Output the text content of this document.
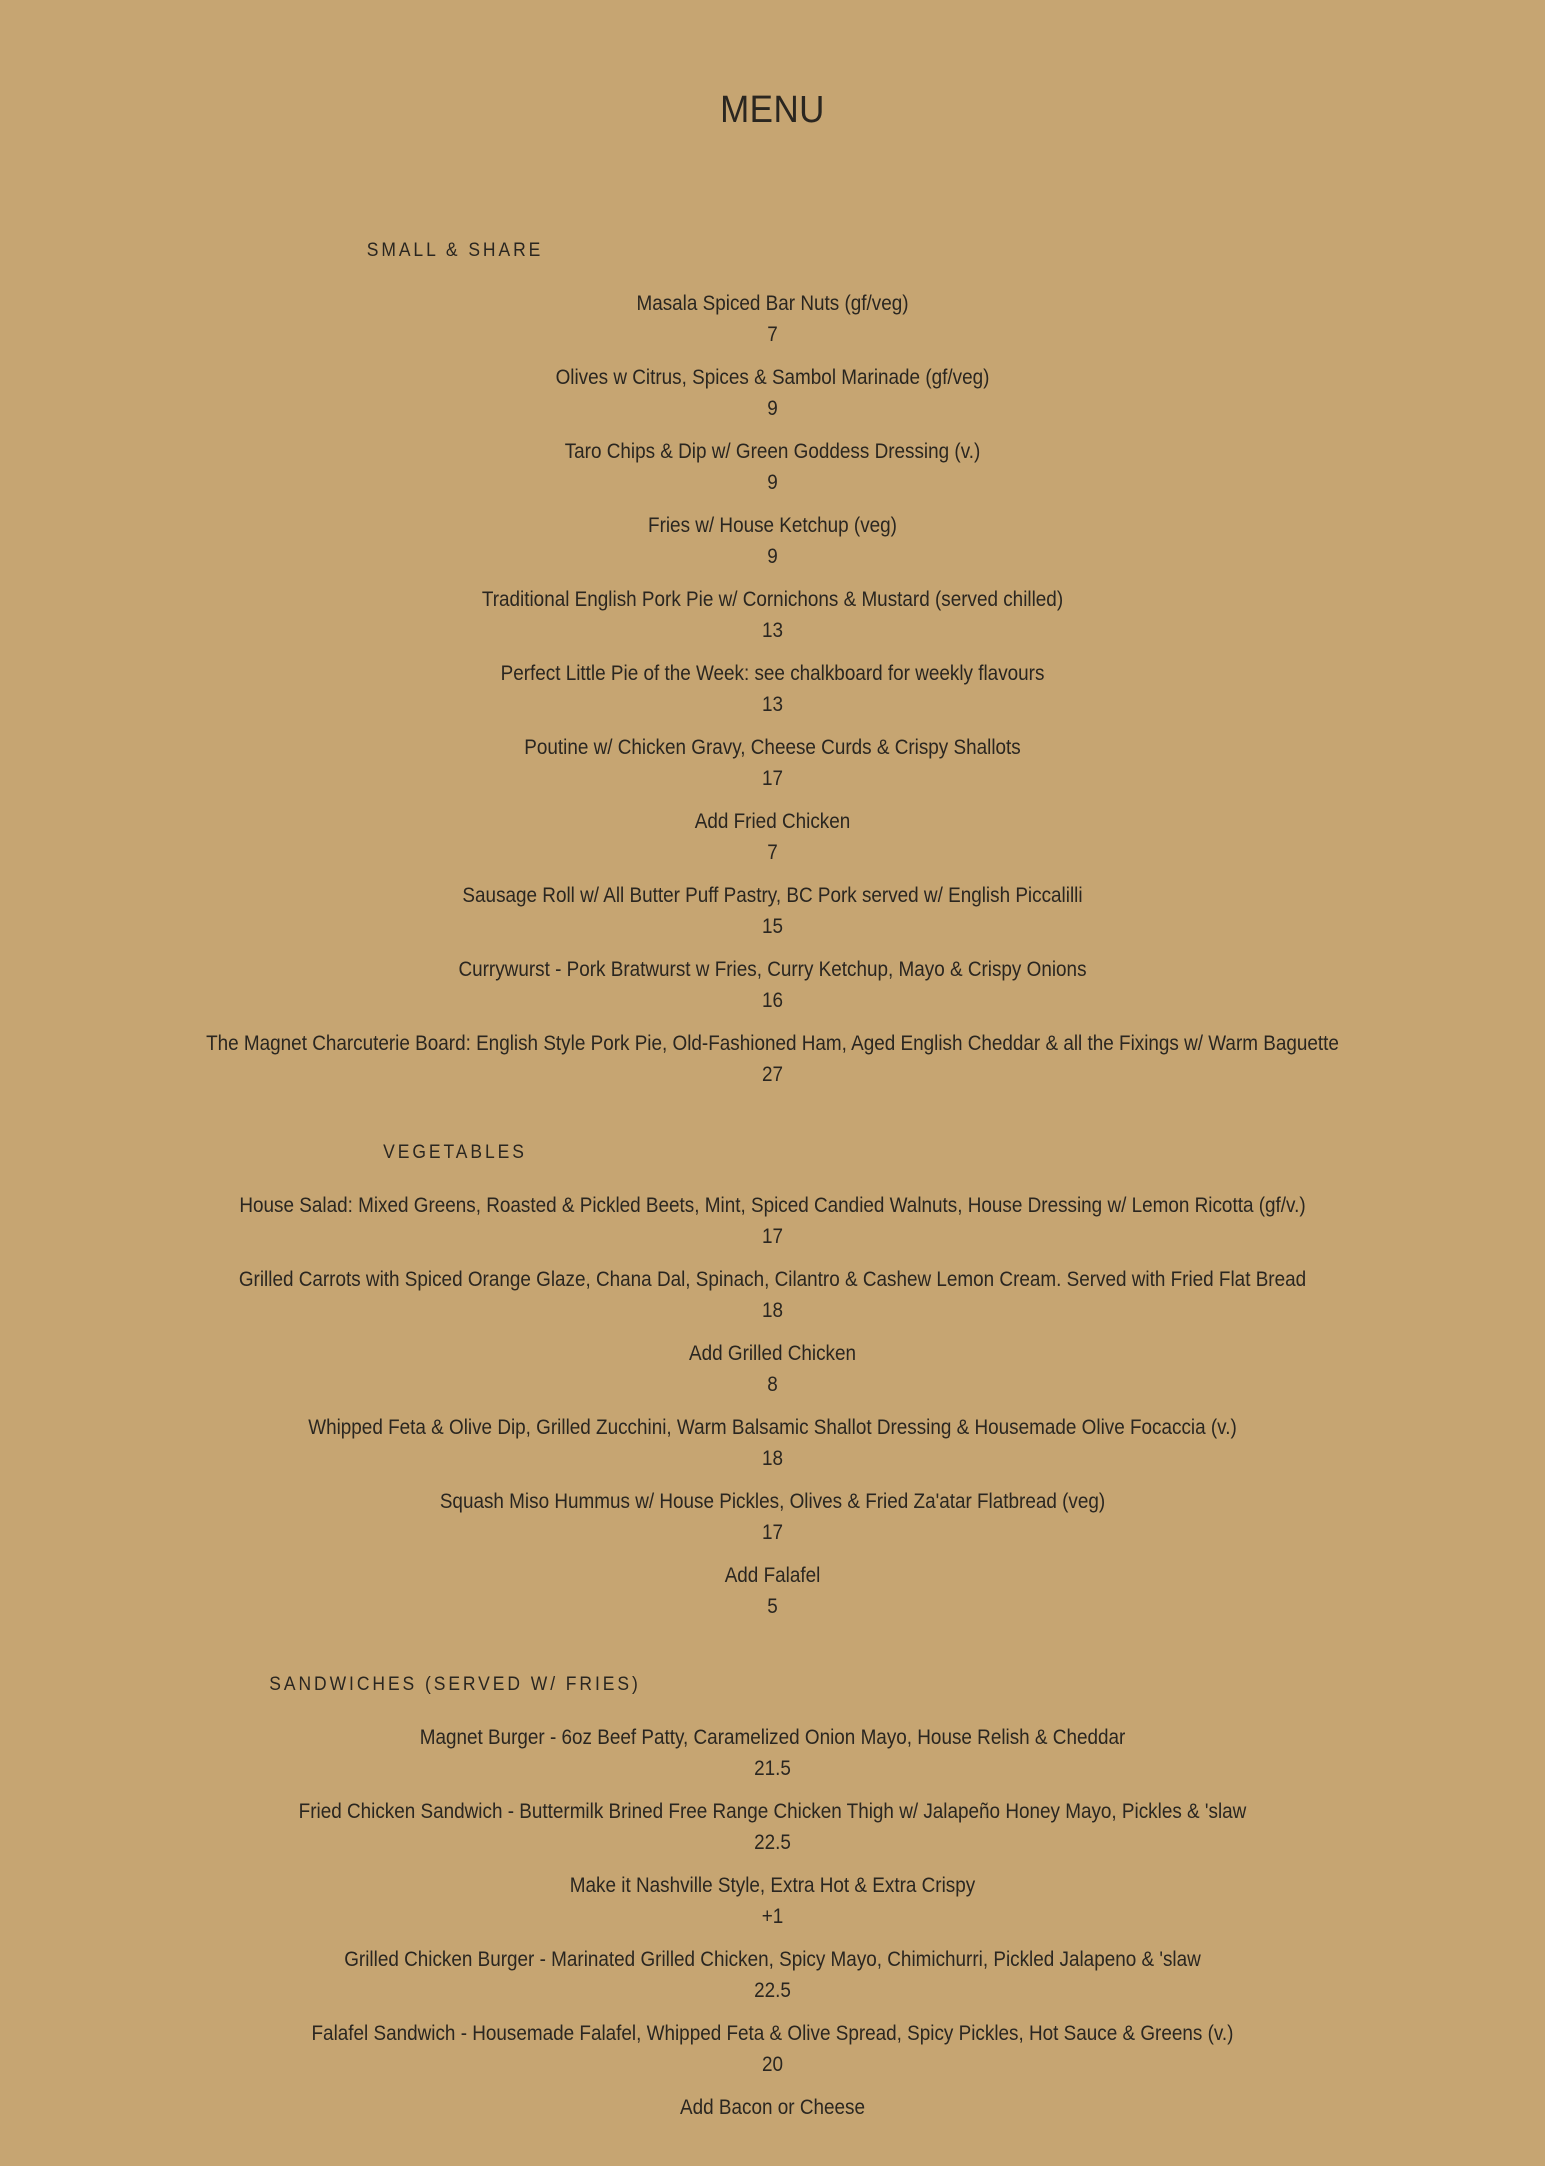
MENU
SMALL & SHARE
Masala Spiced Bar Nuts (gf/veg)
7
Olives w Citrus, Spices & Sambol Marinade (gf/veg)
9
Taro Chips & Dip w/ Green Goddess Dressing (v.)
9
Fries w/ House Ketchup (veg)
9
Traditional English Pork Pie w/ Cornichons & Mustard (served chilled)
13
Perfect Little Pie of the Week: see chalkboard for weekly flavours
13
Poutine w/ Chicken Gravy, Cheese Curds & Crispy Shallots
17
Add Fried Chicken
7
Sausage Roll w/ All Butter Puff Pastry, BC Pork served w/ English Piccalilli
15
Currywurst - Pork Bratwurst w Fries, Curry Ketchup, Mayo & Crispy Onions
16
The Magnet Charcuterie Board: English Style Pork Pie, Old-Fashioned Ham, Aged English Cheddar & all the Fixings w/ Warm Baguette
27
VEGETABLES
House Salad: Mixed Greens, Roasted & Pickled Beets, Mint, Spiced Candied Walnuts, House Dressing w/ Lemon Ricotta (gf/v.)
17
Grilled Carrots with Spiced Orange Glaze, Chana Dal, Spinach, Cilantro & Cashew Lemon Cream. Served with Fried Flat Bread
18
Add Grilled Chicken
8
Whipped Feta & Olive Dip, Grilled Zucchini, Warm Balsamic Shallot Dressing & Housemade Olive Focaccia (v.)
18
Squash Miso Hummus w/ House Pickles, Olives & Fried Za'atar Flatbread (veg)
17
Add Falafel
5
SANDWICHES (SERVED W/ FRIES)
Magnet Burger - 6oz Beef Patty, Caramelized Onion Mayo, House Relish & Cheddar
21.5
Fried Chicken Sandwich - Buttermilk Brined Free Range Chicken Thigh w/ Jalapeño Honey Mayo, Pickles & 'slaw
22.5
Make it Nashville Style, Extra Hot & Extra Crispy
+1
Grilled Chicken Burger - Marinated Grilled Chicken, Spicy Mayo, Chimichurri, Pickled Jalapeno & 'slaw
22.5
Falafel Sandwich - Housemade Falafel, Whipped Feta & Olive Spread, Spicy Pickles, Hot Sauce & Greens (v.)
20
Add Bacon or Cheese
